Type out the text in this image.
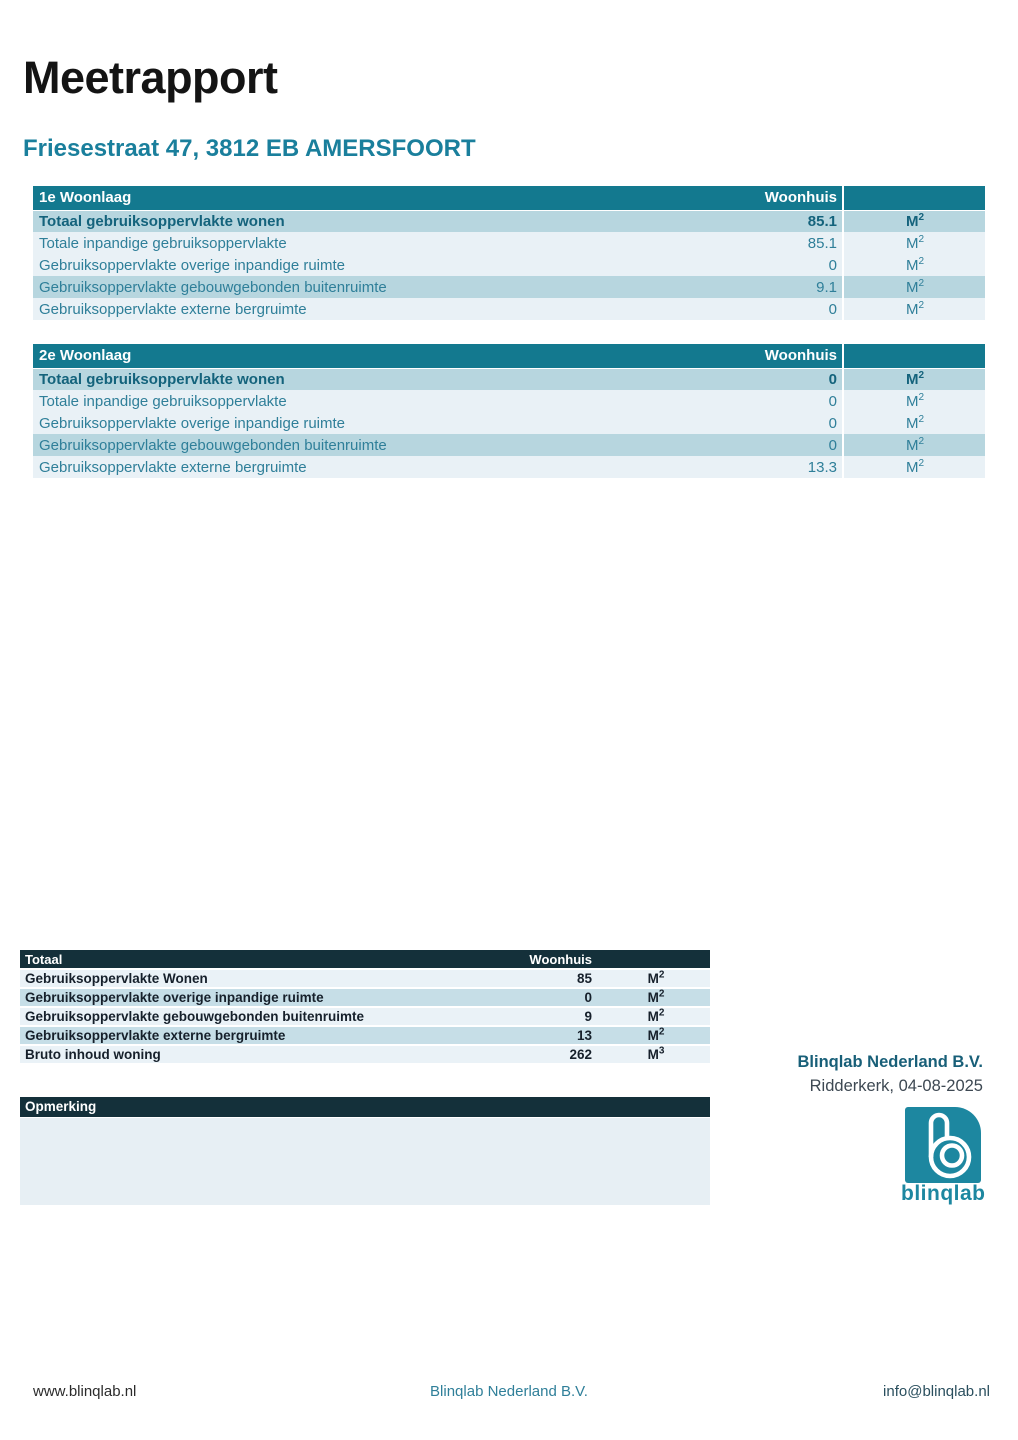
Meetrapport
Friesestraat 47, 3812 EB AMERSFOORT
1e Woonlaag	Woonhuis	
Totaal gebruiksoppervlakte wonen	85.1	$M^2$
Totale inpandige gebruiksoppervlakte	85.1	$M^2$
Gebruiksoppervlakte overige inpandige ruimte	0	$M^2$
Gebruiksoppervlakte gebouwgebonden buitenruimte	9.1	$M^2$
Gebruiksoppervlakte externe bergruimte	0	$M^2$
2e Woonlaag	Woonhuis	
Totaal gebruiksoppervlakte wonen	0	$M^2$
Totale inpandige gebruiksoppervlakte	0	$M^2$
Gebruiksoppervlakte overige inpandige ruimte	0	$M^2$
Gebruiksoppervlakte gebouwgebonden buitenruimte	0	$M^2$
Gebruiksoppervlakte externe bergruimte	13.3	$M^2$
Totaal	Woonhuis	
Gebruiksoppervlakte Wonen	85	$M^2$
Gebruiksoppervlakte overige inpandige ruimte	0	$M^2$
Gebruiksoppervlakte gebouwgebonden buitenruimte	9	$M^2$
Gebruiksoppervlakte externe bergruimte	13	$M^2$
Bruto inhoud woning	262	$M^3$
Opmerking
Blinqlab Nederland B.V.
Ridderkerk, 04-08-2025
blinqlab
www.blinqlab.nl	Blinqlab Nederland B.V.	info@blinqlab.nl
